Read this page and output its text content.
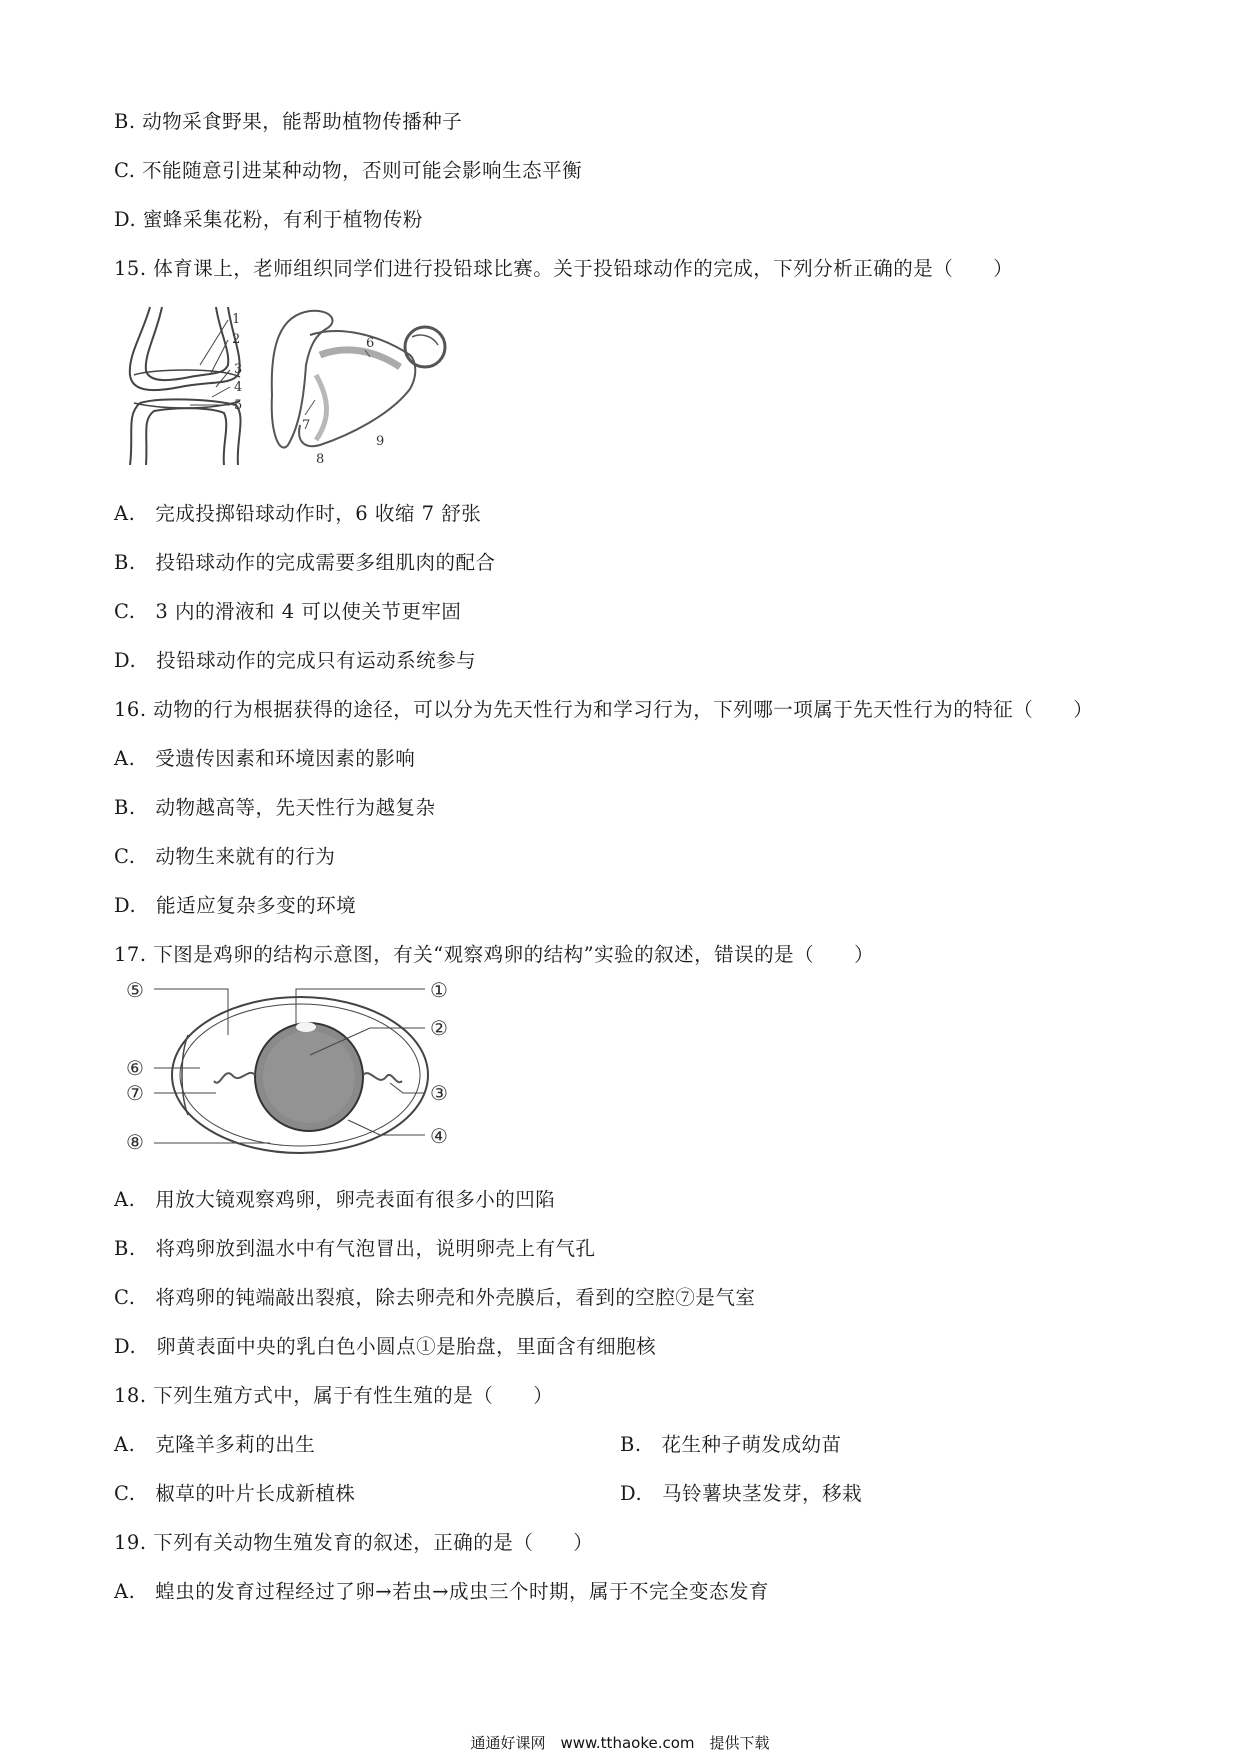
B. 动物采食野果，能帮助植物传播种子
C. 不能随意引进某种动物，否则可能会影响生态平衡
D. 蜜蜂采集花粉，有利于植物传粉
15. 体育课上，老师组织同学们进行投铅球比赛。关于投铅球动作的完成，下列分析正确的是（　　）
1
2
3
4
5
6
7
8
9
A.　完成投掷铅球动作时，6 收缩 7 舒张
B.　投铅球动作的完成需要多组肌肉的配合
C.　3 内的滑液和 4 可以使关节更牢固
D.　投铅球动作的完成只有运动系统参与
16. 动物的行为根据获得的途径，可以分为先天性行为和学习行为，下列哪一项属于先天性行为的特征（　　）
A.　受遗传因素和环境因素的影响
B.　动物越高等，先天性行为越复杂
C.　动物生来就有的行为
D.　能适应复杂多变的环境
17. 下图是鸡卵的结构示意图，有关“观察鸡卵的结构”实验的叙述，错误的是（　　）
⑤
⑥
⑦
⑧
①
②
③
④
A.　用放大镜观察鸡卵，卵壳表面有很多小的凹陷
B.　将鸡卵放到温水中有气泡冒出，说明卵壳上有气孔
C.　将鸡卵的钝端敲出裂痕，除去卵壳和外壳膜后，看到的空腔⑦是气室
D.　卵黄表面中央的乳白色小圆点①是胎盘，里面含有细胞核
18. 下列生殖方式中，属于有性生殖的是（　　）
A.　克隆羊多莉的出生	B.　花生种子萌发成幼苗
C.　椒草的叶片长成新植株	D.　马铃薯块茎发芽，移栽
19. 下列有关动物生殖发育的叙述，正确的是（　　）
A.　蝗虫的发育过程经过了卵→若虫→成虫三个时期，属于不完全变态发育
通通好课网　www.tthaoke.com　提供下载
